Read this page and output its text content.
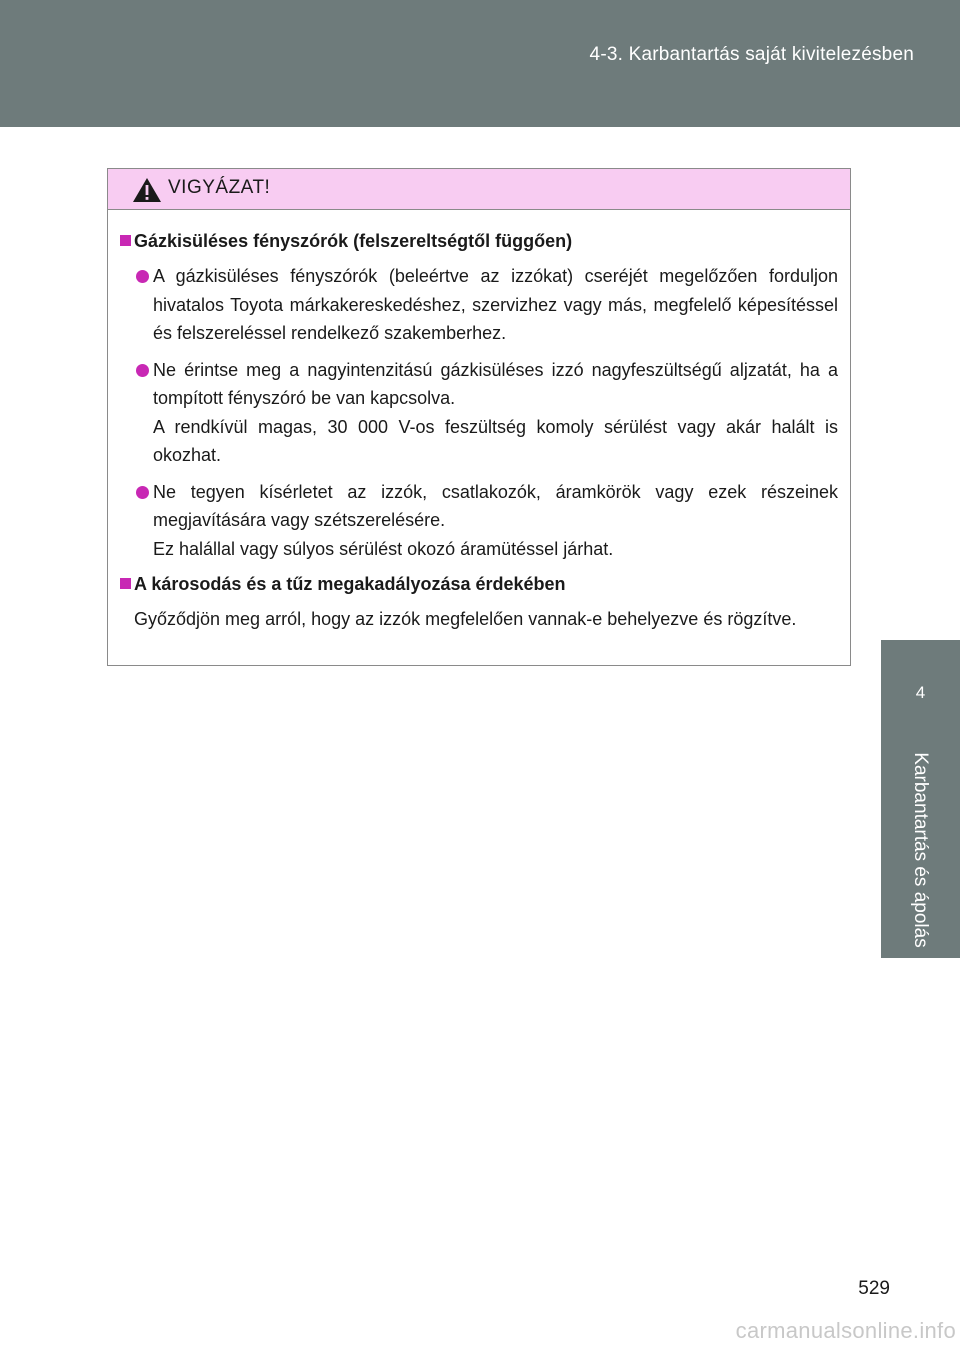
4-3. Karbantartás saját kivitelezésben
4
Karbantartás és ápolás
VIGYÁZAT!
Gázkisüléses fényszórók (felszereltségtől függően)
A gázkisüléses fényszórók (beleértve az izzókat) cseréjét megelőzően forduljon hivatalos Toyota márkakereskedéshez, szervizhez vagy más, megfelelő képesítéssel és felszereléssel rendelkező szakemberhez.
Ne érintse meg a nagyintenzitású gázkisüléses izzó nagyfeszültségű aljzatát, ha a tompított fényszóró be van kapcsolva.
A rendkívül magas, 30 000 V-os feszültség komoly sérülést vagy akár halált is okozhat.
Ne tegyen kísérletet az izzók, csatlakozók, áramkörök vagy ezek részeinek megjavítására vagy szétszerelésére.
Ez halállal vagy súlyos sérülést okozó áramütéssel járhat.
A károsodás és a tűz megakadályozása érdekében
Győződjön meg arról, hogy az izzók megfelelően vannak-e behelyezve és rögzítve.
529
carmanualsonline.info
